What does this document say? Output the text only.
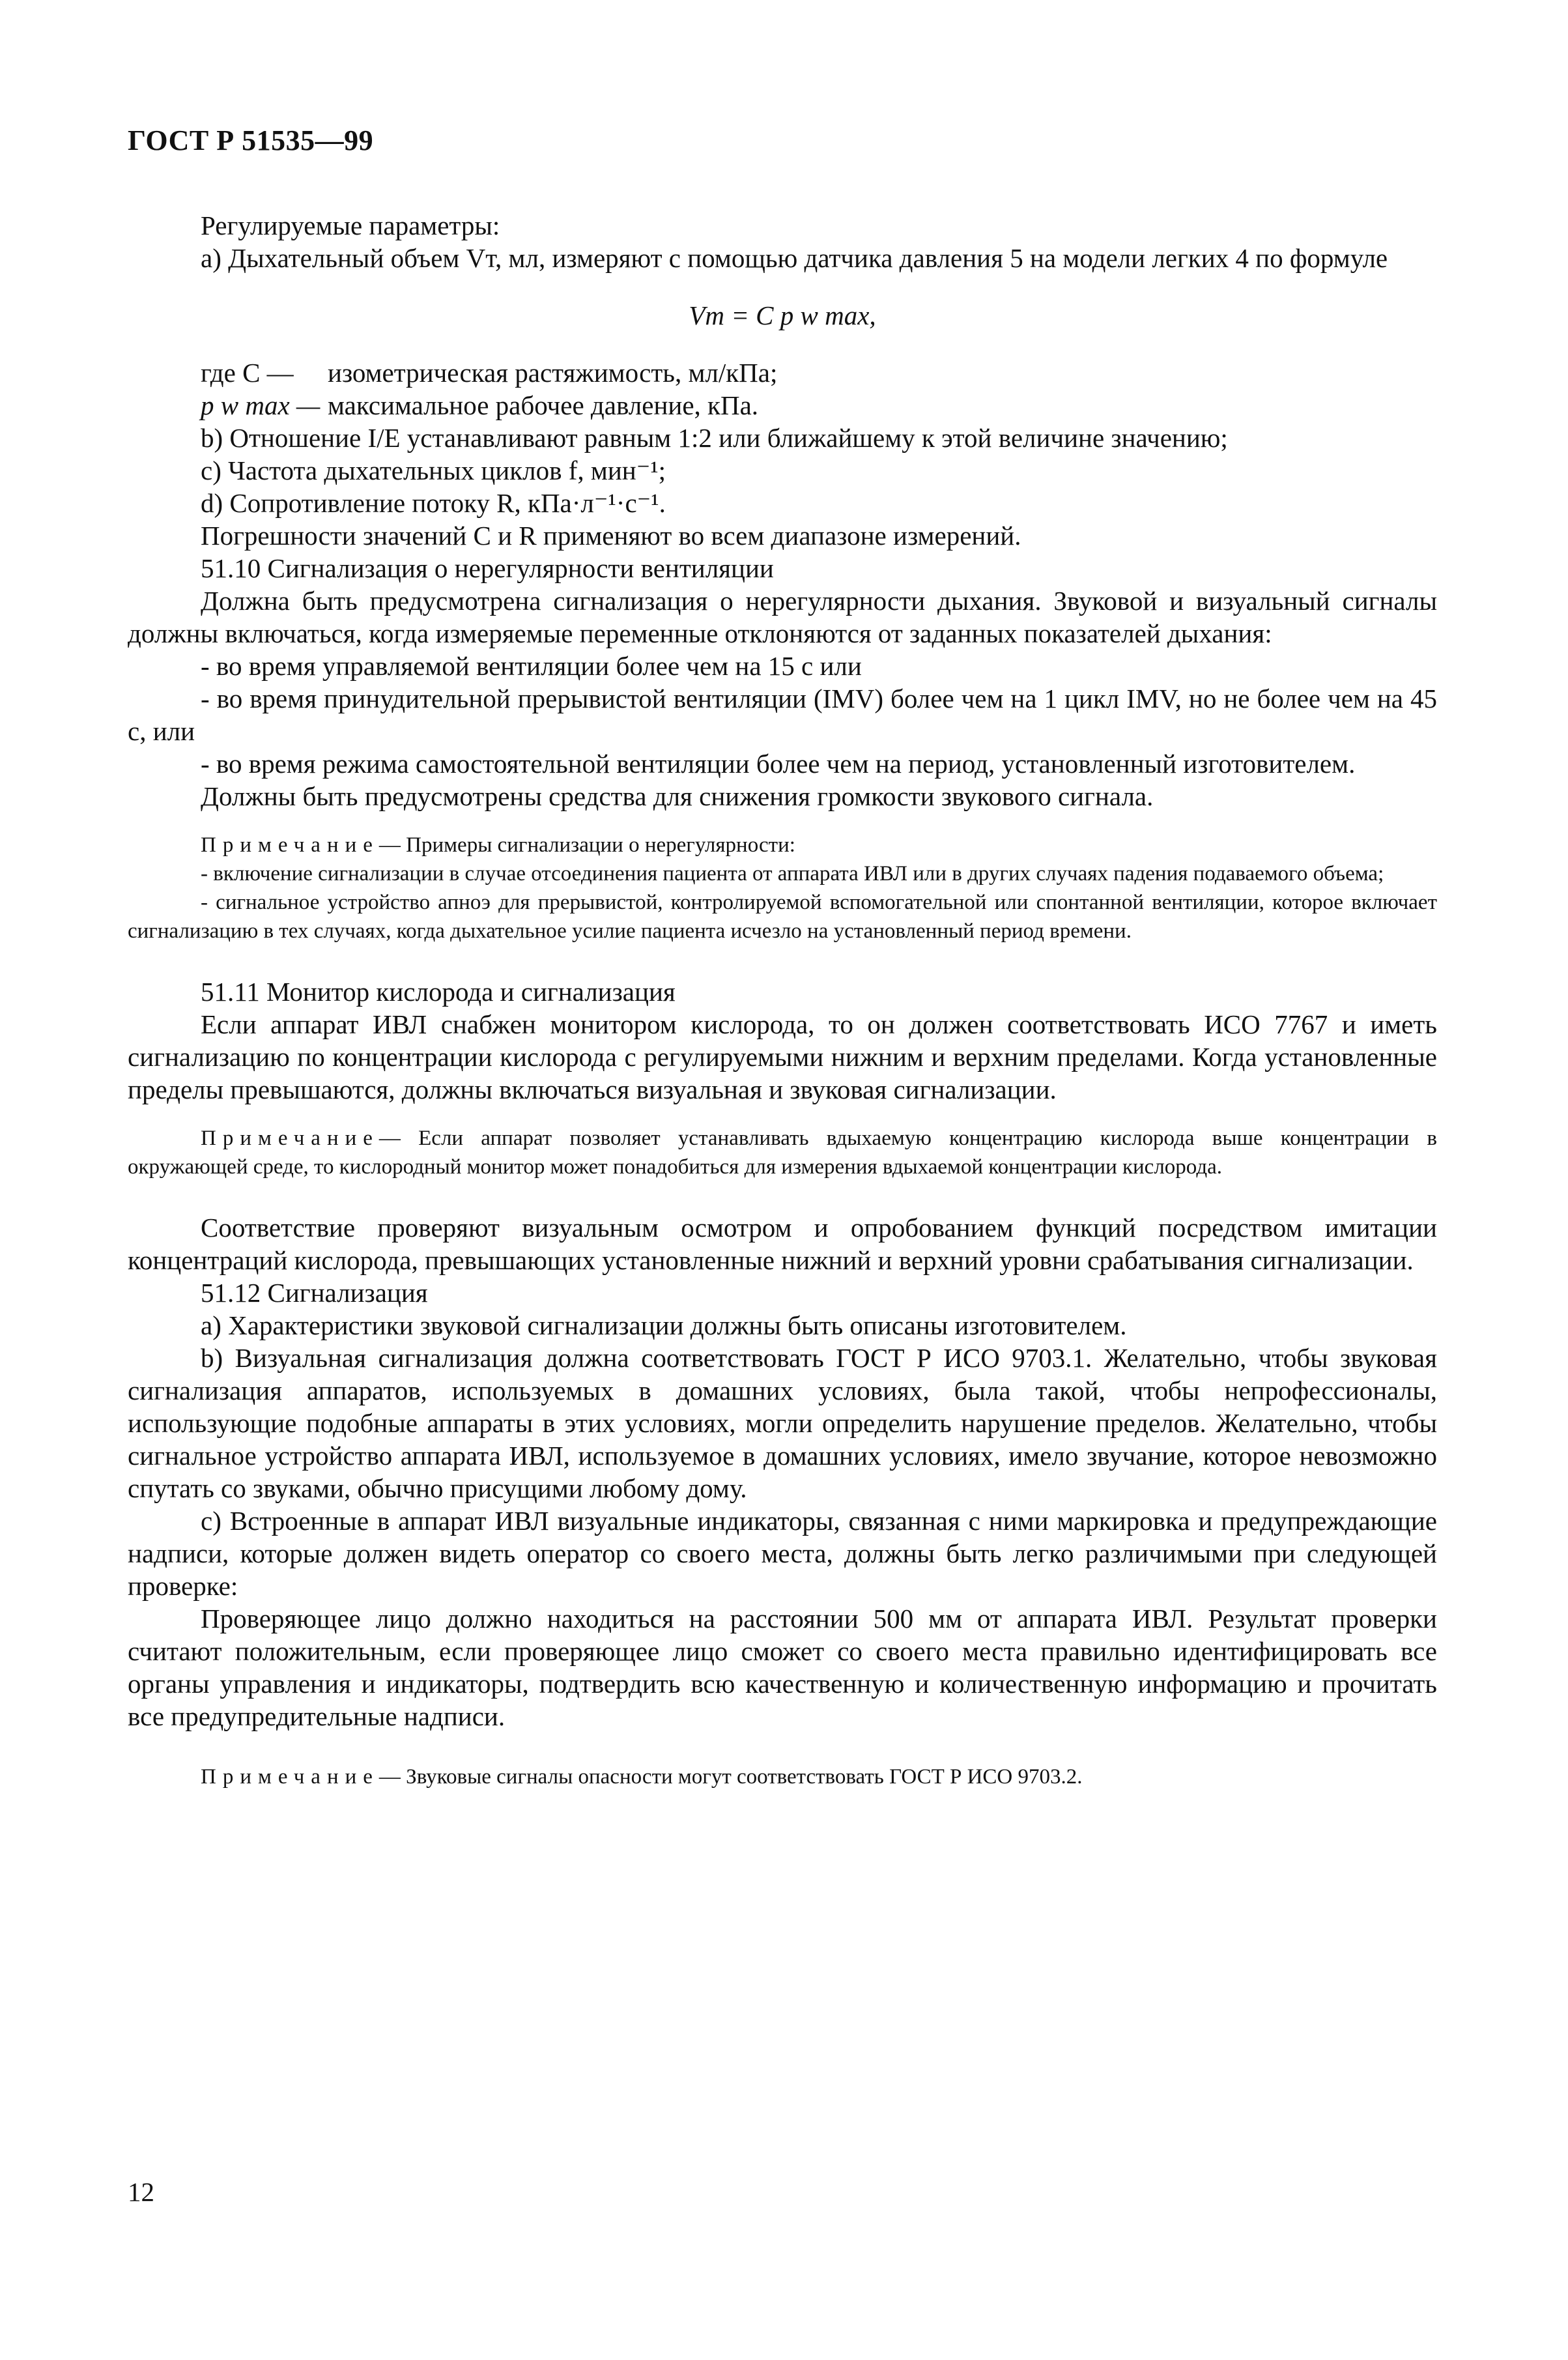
ГОСТ Р 51535—99

Регулируемые параметры:

а) Дыхательный объем Vт, мл, измеряют с помощью датчика давления 5 на модели легких 4 по формуле

Vт = C p w max,
где C —	изометрическая растяжимость, мл/кПа;
p w max — максимальное рабочее давление, кПа.

b) Отношение I/E устанавливают равным 1:2 или ближайшему к этой величине значению;

c) Частота дыхательных циклов f, мин⁻¹;

d) Сопротивление потоку R, кПа·л⁻¹·с⁻¹.

Погрешности значений C и R применяют во всем диапазоне измерений.

51.10 Сигнализация о нерегулярности вентиляции

Должна быть предусмотрена сигнализация о нерегулярности дыхания. Звуковой и визуальный сигналы должны включаться, когда измеряемые переменные отклоняются от заданных показателей дыхания:

- во время управляемой вентиляции более чем на 15 с или

- во время принудительной прерывистой вентиляции (IMV) более чем на 1 цикл IMV, но не более чем на 45 с, или

- во время режима самостоятельной вентиляции более чем на период, установленный изготовителем.

Должны быть предусмотрены средства для снижения громкости звукового сигнала.

Примечание— Примеры сигнализации о нерегулярности:

- включение сигнализации в случае отсоединения пациента от аппарата ИВЛ или в других случаях падения подаваемого объема;

- сигнальное устройство апноэ для прерывистой, контролируемой вспомогательной или спонтанной вентиляции, которое включает сигнализацию в тех случаях, когда дыхательное усилие пациента исчезло на установленный период времени.

51.11 Монитор кислорода и сигнализация

Если аппарат ИВЛ снабжен монитором кислорода, то он должен соответствовать ИСО 7767 и иметь сигнализацию по концентрации кислорода с регулируемыми нижним и верхним пределами. Когда установленные пределы превышаются, должны включаться визуальная и звуковая сигнализации.

Примечание— Если аппарат позволяет устанавливать вдыхаемую концентрацию кислорода выше концентрации в окружающей среде, то кислородный монитор может понадобиться для измерения вдыхаемой концентрации кислорода.

Соответствие проверяют визуальным осмотром и опробованием функций посредством имитации концентраций кислорода, превышающих установленные нижний и верхний уровни срабатывания сигнализации.

51.12 Сигнализация

а) Характеристики звуковой сигнализации должны быть описаны изготовителем.

b) Визуальная сигнализация должна соответствовать ГОСТ Р ИСО 9703.1. Желательно, чтобы звуковая сигнализация аппаратов, используемых в домашних условиях, была такой, чтобы непрофессионалы, использующие подобные аппараты в этих условиях, могли определить нарушение пределов. Желательно, чтобы сигнальное устройство аппарата ИВЛ, используемое в домашних условиях, имело звучание, которое невозможно спутать со звуками, обычно присущими любому дому.

c) Встроенные в аппарат ИВЛ визуальные индикаторы, связанная с ними маркировка и предупреждающие надписи, которые должен видеть оператор со своего места, должны быть легко различимыми при следующей проверке:

Проверяющее лицо должно находиться на расстоянии 500 мм от аппарата ИВЛ. Результат проверки считают положительным, если проверяющее лицо сможет со своего места правильно идентифицировать все органы управления и индикаторы, подтвердить всю качественную и количественную информацию и прочитать все предупредительные надписи.

Примечание— Звуковые сигналы опасности могут соответствовать ГОСТ Р ИСО 9703.2.

12
